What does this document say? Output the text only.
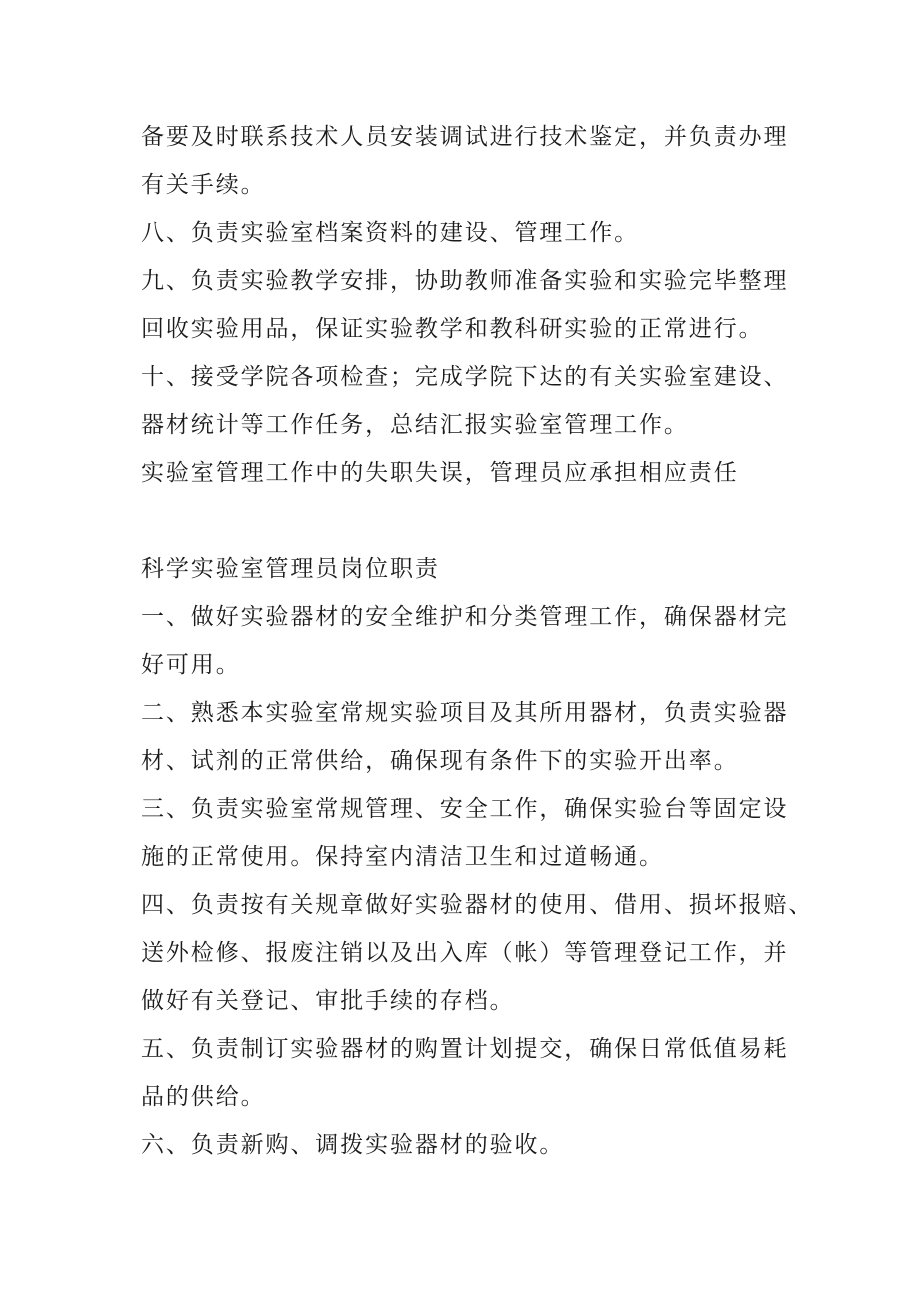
备要及时联系技术人员安装调试进行技术鉴定，并负责办理

有关手续。

八、负责实验室档案资料的建设、管理工作。

九、负责实验教学安排，协助教师准备实验和实验完毕整理

回收实验用品，保证实验教学和教科研实验的正常进行。

十、接受学院各项检查；完成学院下达的有关实验室建设、

器材统计等工作任务，总结汇报实验室管理工作。

实验室管理工作中的失职失误，管理员应承担相应责任

科学实验室管理员岗位职责

一、做好实验器材的安全维护和分类管理工作，确保器材完

好可用。

二、熟悉本实验室常规实验项目及其所用器材，负责实验器

材、试剂的正常供给，确保现有条件下的实验开出率。

三、负责实验室常规管理、安全工作，确保实验台等固定设

施的正常使用。保持室内清洁卫生和过道畅通。

四、负责按有关规章做好实验器材的使用、借用、损坏报赔、

送外检修、报废注销以及出入库（帐）等管理登记工作，并

做好有关登记、审批手续的存档。

五、负责制订实验器材的购置计划提交，确保日常低值易耗

品的供给。

六、负责新购、调拨实验器材的验收。
